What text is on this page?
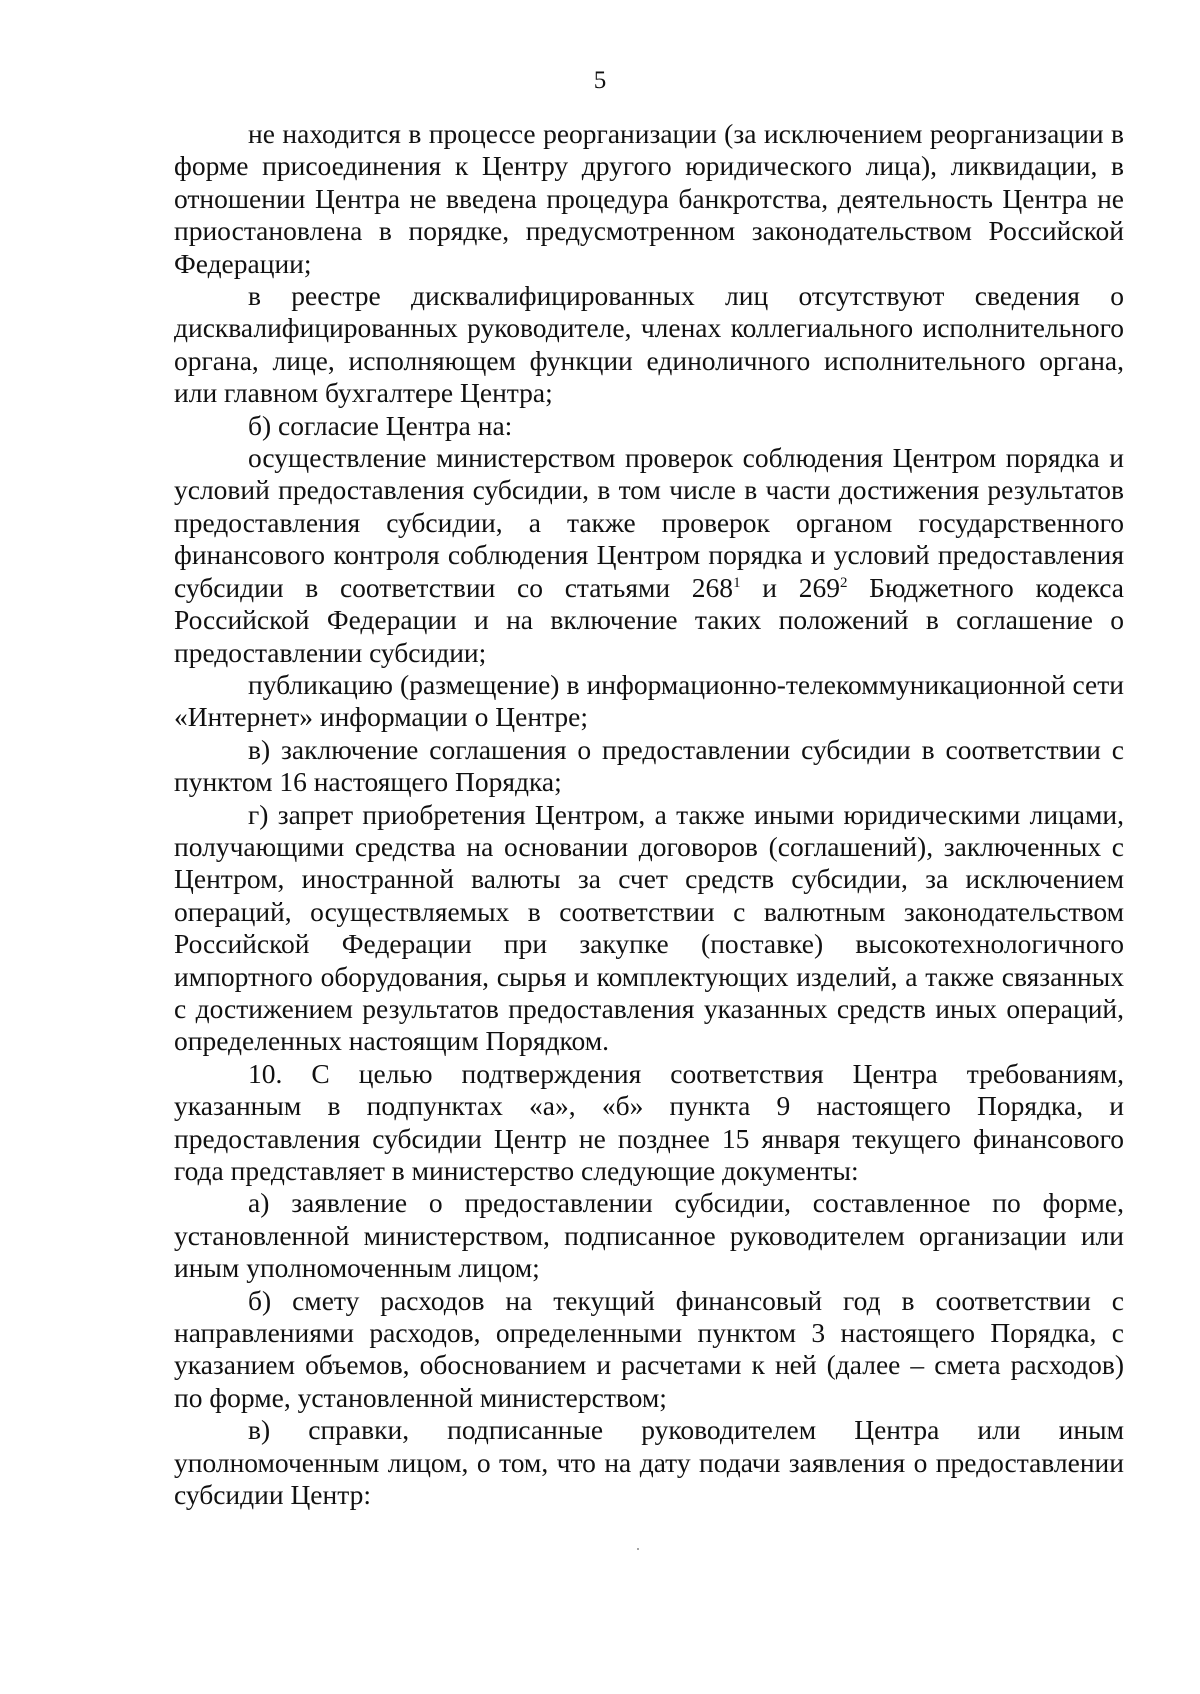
5

не находится в процессе реорганизации (за исключением реорганизации в форме присоединения к Центру другого юридического лица), ликвидации, в отношении Центра не введена процедура банкротства, деятельность Центра не приостановлена в порядке, предусмотренном законодательством Российской Федерации;

в реестре дисквалифицированных лиц отсутствуют сведения о дисквалифицированных руководителе, членах коллегиального исполнительного органа, лице, исполняющем функции единоличного исполнительного органа, или главном бухгалтере Центра;

б) согласие Центра на:

осуществление министерством проверок соблюдения Центром порядка и условий предоставления субсидии, в том числе в части достижения результатов предоставления субсидии, а также проверок органом государственного финансового контроля соблюдения Центром порядка и условий предоставления субсидии в соответствии со статьями $268^1$ и $269^2$ Бюджетного кодекса Российской Федерации и на включение таких положений в соглашение о предоставлении субсидии;

публикацию (размещение) в информационно-телекоммуникационной сети «Интернет» информации о Центре;

в) заключение соглашения о предоставлении субсидии в соответствии с пунктом 16 настоящего Порядка;

г) запрет приобретения Центром, а также иными юридическими лицами, получающими средства на основании договоров (соглашений), заключенных с Центром, иностранной валюты за счет средств субсидии, за исключением операций, осуществляемых в соответствии с валютным законодательством Российской Федерации при закупке (поставке) высокотехнологичного импортного оборудования, сырья и комплектующих изделий, а также связанных с достижением результатов предоставления указанных средств иных операций, определенных настоящим Порядком.

10. С целью подтверждения соответствия Центра требованиям, указанным в подпунктах «а», «б» пункта 9 настоящего Порядка, и предоставления субсидии Центр не позднее 15 января текущего финансового года представляет в министерство следующие документы:

а) заявление о предоставлении субсидии, составленное по форме, установленной министерством, подписанное руководителем организации или иным уполномоченным лицом;

б) смету расходов на текущий финансовый год в соответствии с направлениями расходов, определенными пунктом 3 настоящего Порядка, с указанием объемов, обоснованием и расчетами к ней (далее – смета расходов) по форме, установленной министерством;

в) справки, подписанные руководителем Центра или иным уполномоченным лицом, о том, что на дату подачи заявления о предоставлении субсидии Центр:
